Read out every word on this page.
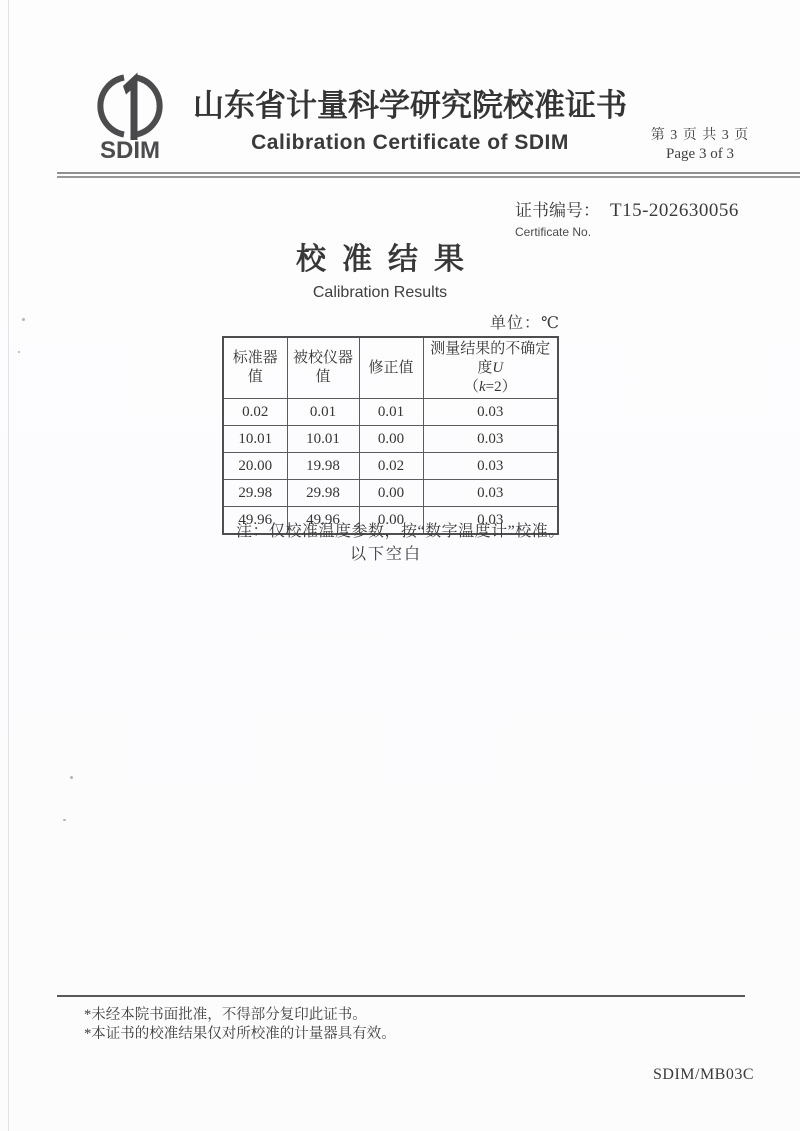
SDIM
山东省计量科学研究院校准证书
Calibration Certificate of SDIM	第 3 页 共 3 页
Page 3 of 3
证书编号： T15-202630056
Certificate No.
校准结果
Calibration Results
单位：℃
标准器值	被校仪器值	修正值	测量结果的不确定度U
（k=2）
0.02	0.01	0.01	0.03
10.01	10.01	0.00	0.03
20.00	19.98	0.02	0.03
29.98	29.98	0.00	0.03
49.96	49.96	0.00	0.03
注：仅校准温度参数，按“数字温度计”校准。
以下空白
*未经本院书面批准，不得部分复印此证书。
*本证书的校准结果仅对所校准的计量器具有效。
SDIM/MB03C
